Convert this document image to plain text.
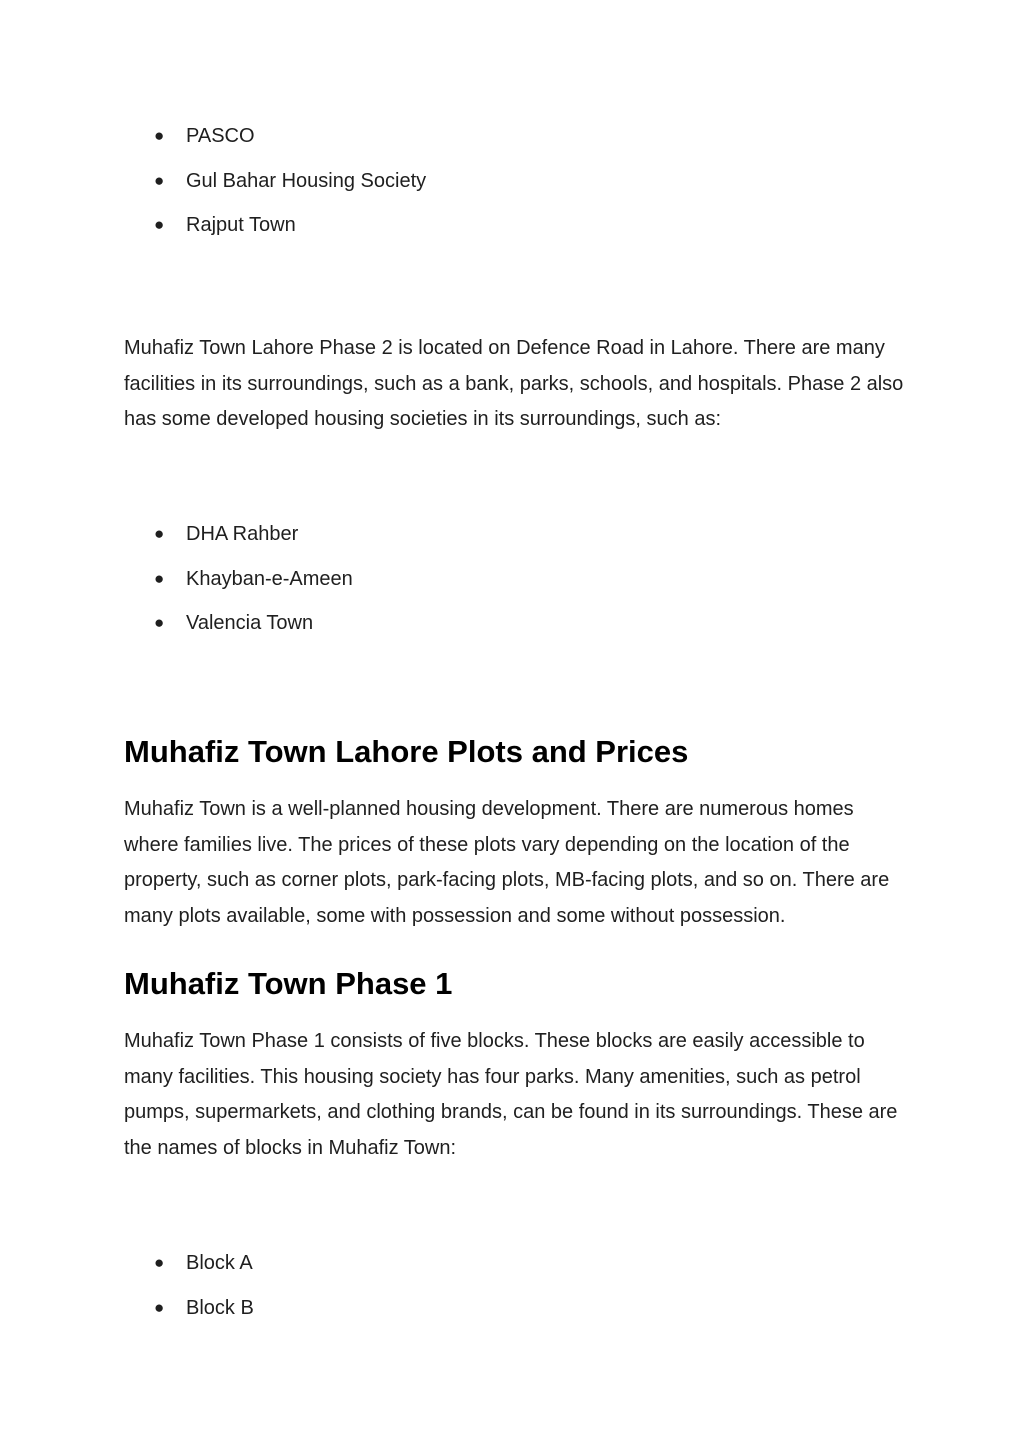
● PASCO
● Gul Bahar Housing Society
● Rajput Town

Muhafiz Town Lahore Phase 2 is located on Defence Road in Lahore. There are many facilities in its surroundings, such as a bank, parks, schools, and hospitals. Phase 2 also has some developed housing societies in its surroundings, such as:

● DHA Rahber
● Khayban-e-Ameen
● Valencia Town
Muhafiz Town Lahore Plots and Prices

Muhafiz Town is a well-planned housing development. There are numerous homes where families live. The prices of these plots vary depending on the location of the property, such as corner plots, park-facing plots, MB-facing plots, and so on. There are many plots available, some with possession and some without possession.

Muhafiz Town Phase 1

Muhafiz Town Phase 1 consists of five blocks. These blocks are easily accessible to many facilities. This housing society has four parks. Many amenities, such as petrol pumps, supermarkets, and clothing brands, can be found in its surroundings. These are the names of blocks in Muhafiz Town:

● Block A
● Block B
